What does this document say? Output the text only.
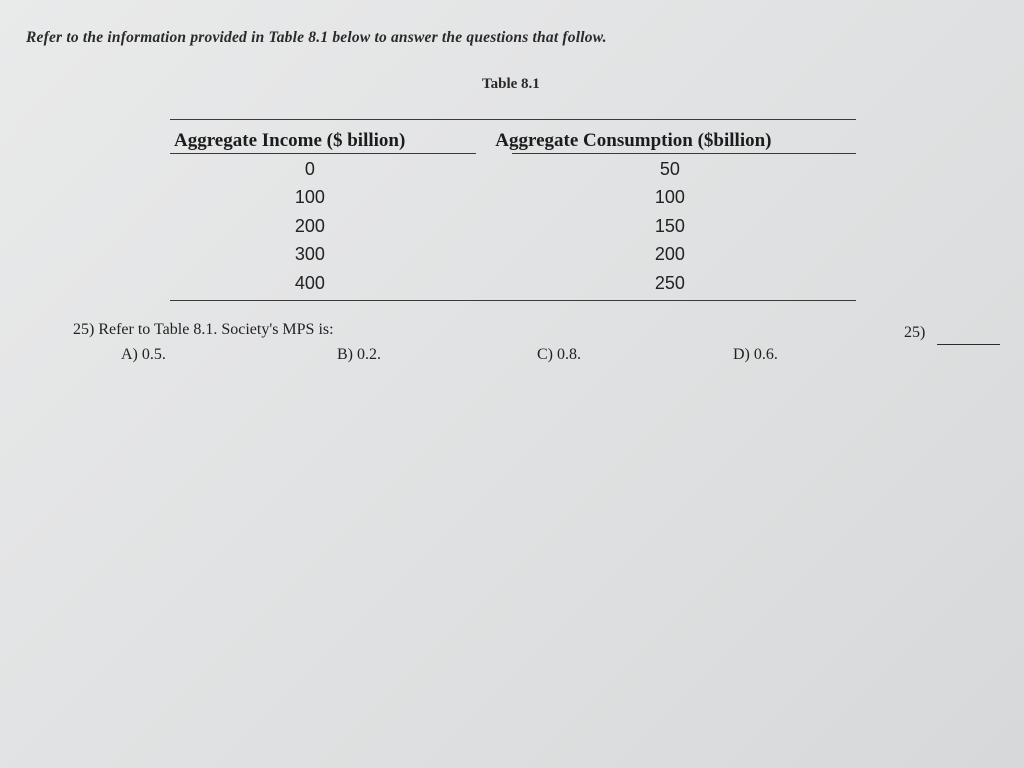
Refer to the information provided in Table 8.1 below to answer the questions that follow.
Table 8.1
Aggregate Income ($ billion)	Aggregate Consumption ($billion)
0	50
100	100
200	150
300	200
400	250
25) Refer to Table 8.1. Society's MPS is:
A) 0.5.	B) 0.2.	C) 0.8.	D) 0.6.
25)
